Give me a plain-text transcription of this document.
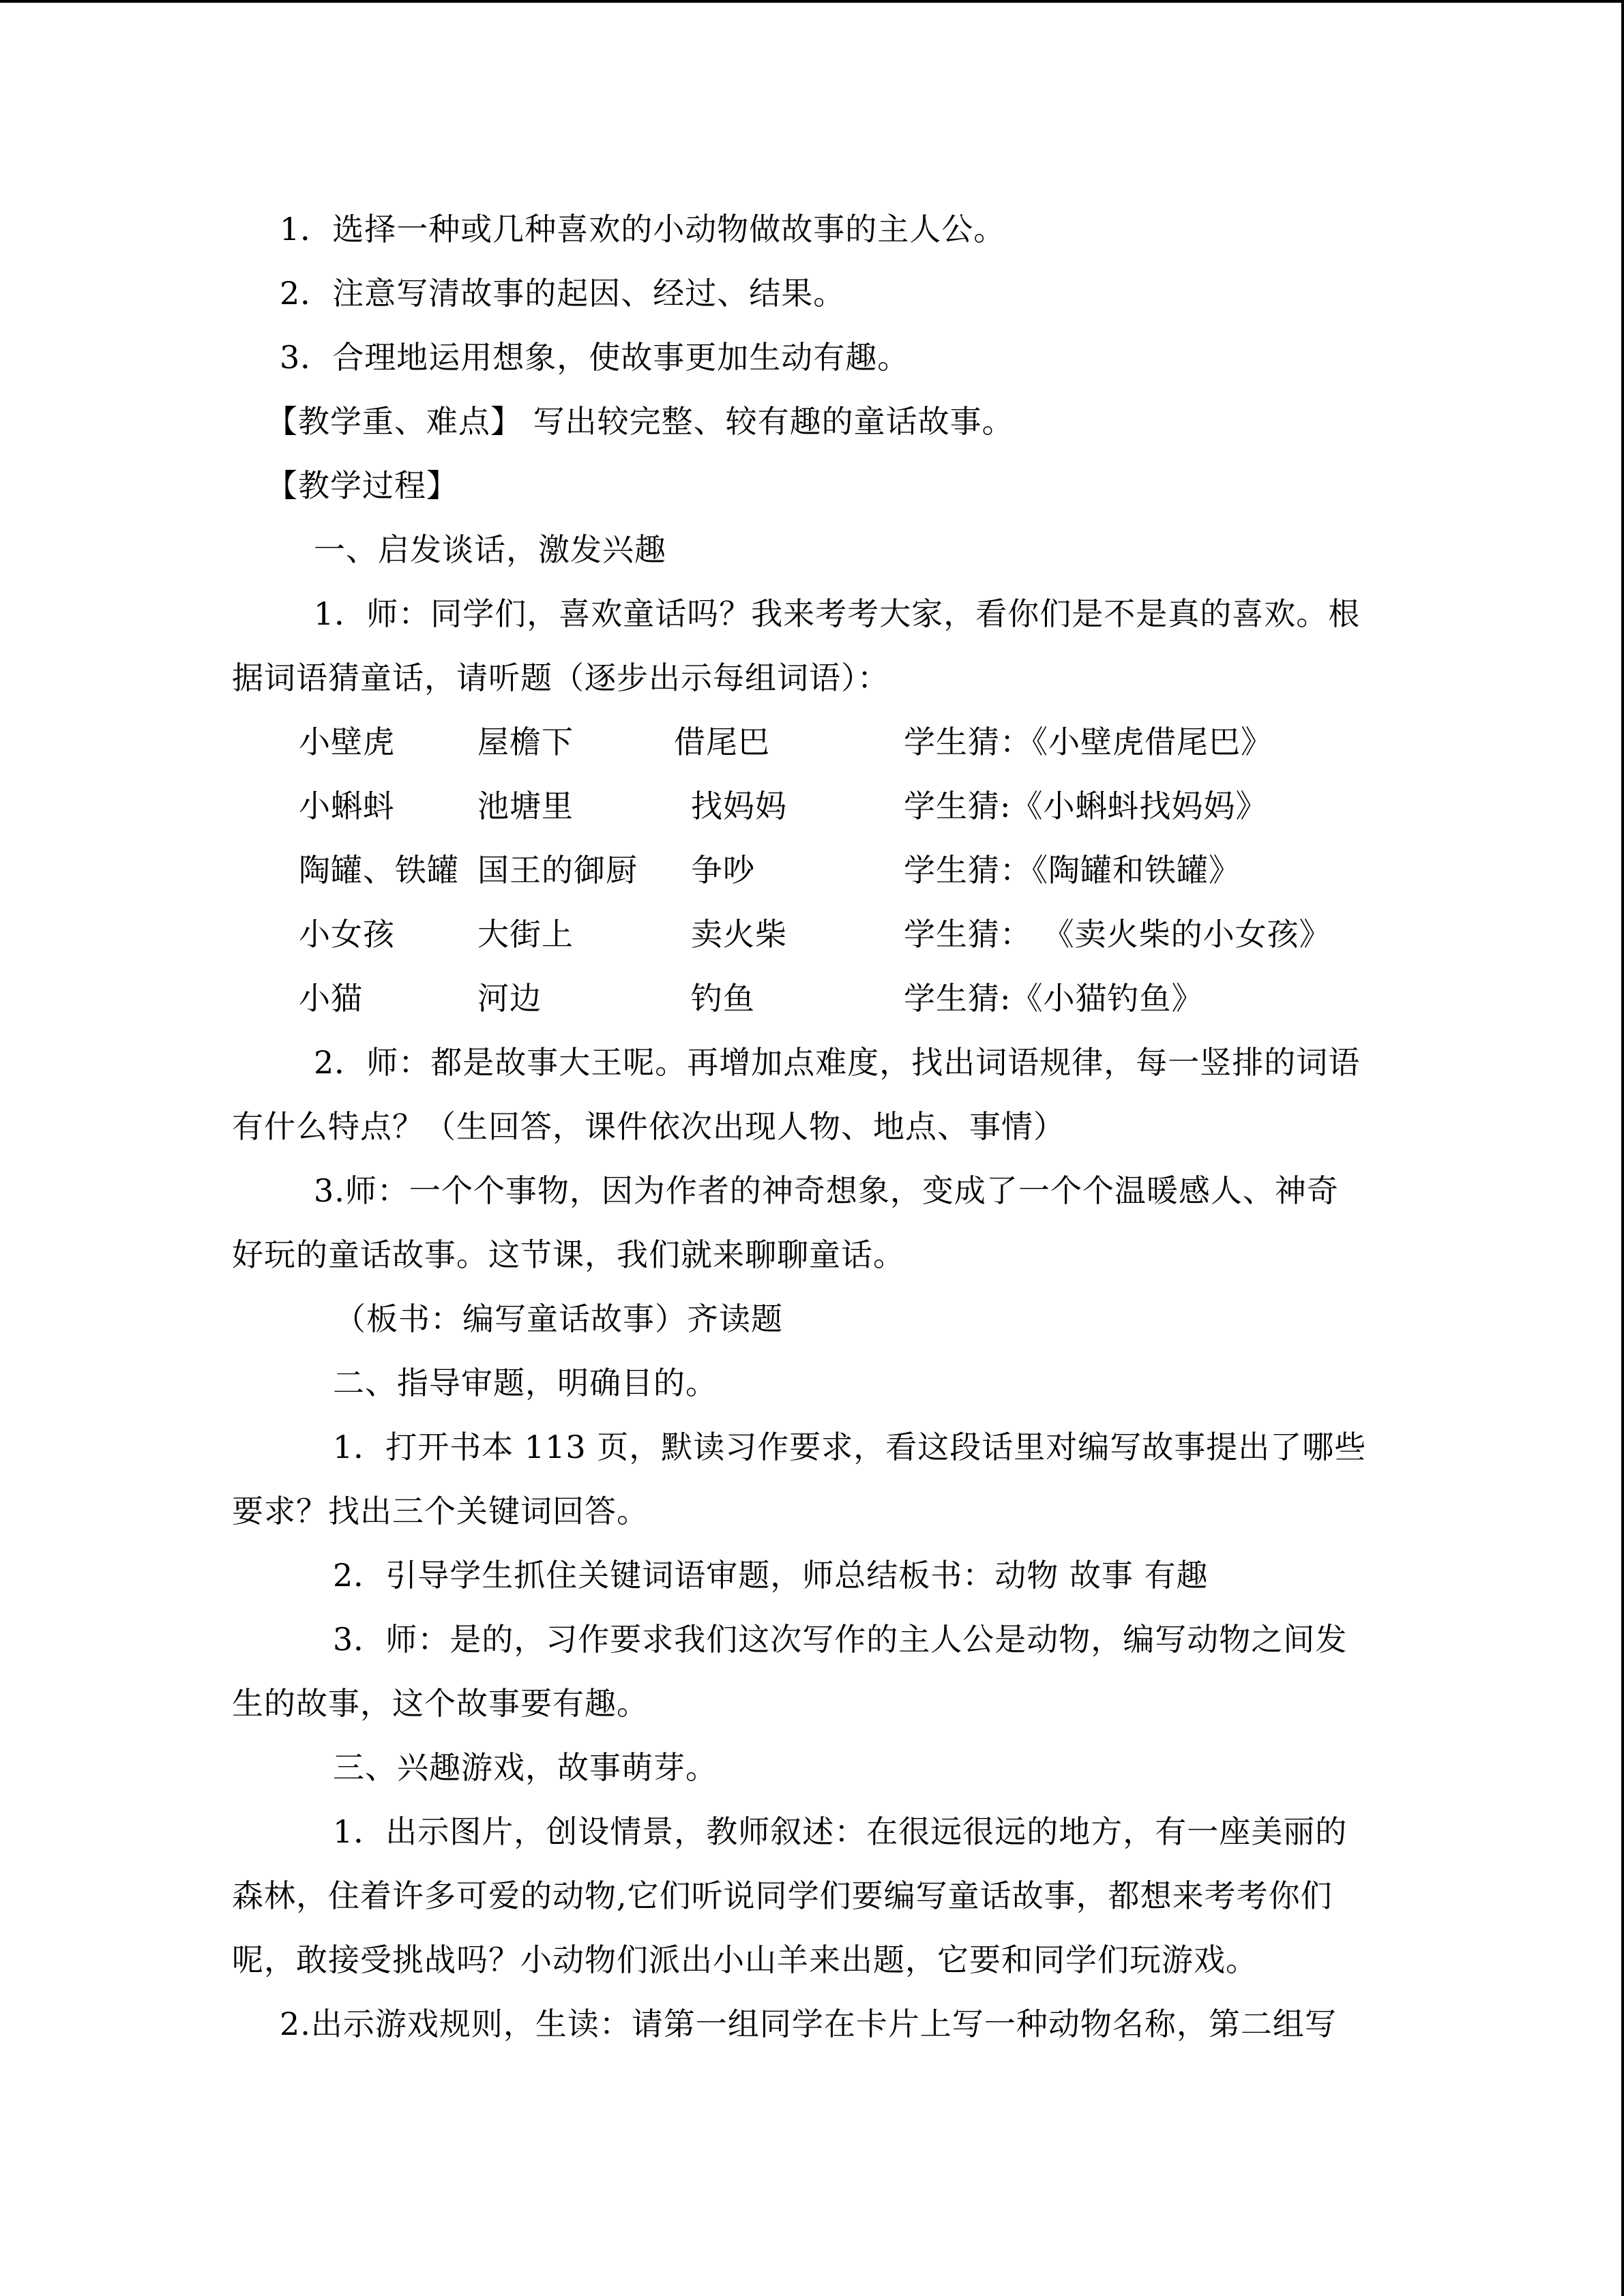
1．选择一种或几种喜欢的小动物做故事的主人公。
2．注意写清故事的起因、经过、结果。
3．合理地运用想象，使故事更加生动有趣。
【教学重、难点】 写出较完整、较有趣的童话故事。
【教学过程】
一、启发谈话，激发兴趣
1．师：同学们，喜欢童话吗？我来考考大家，看你们是不是真的喜欢。根
据词语猜童话，请听题（逐步出示每组词语）：
小壁虎	屋檐下	借尾巴	学生猜：《小壁虎借尾巴》
小蝌蚪	池塘里	找妈妈	学生猜:《小蝌蚪找妈妈》
陶罐、铁罐 国王的御厨 争吵	学生猜：《陶罐和铁罐》
小女孩	大街上	卖火柴	学生猜： 《卖火柴的小女孩》
小猫	河边	钓鱼	学生猜:《小猫钓鱼》
2．师：都是故事大王呢。再增加点难度，找出词语规律，每一竖排的词语
有什么特点？（生回答，课件依次出现人物、地点、事情）
3.师：一个个事物，因为作者的神奇想象，变成了一个个温暖感人、神奇
好玩的童话故事。这节课，我们就来聊聊童话。
（板书：编写童话故事）齐读题
二、指导审题，明确目的。
1．打开书本 113 页，默读习作要求，看这段话里对编写故事提出了哪些
要求？找出三个关键词回答。
2．引导学生抓住关键词语审题，师总结板书：动物 故事 有趣
3．师：是的，习作要求我们这次写作的主人公是动物，编写动物之间发
生的故事，这个故事要有趣。
三、兴趣游戏，故事萌芽。
1．出示图片，创设情景，教师叙述：在很远很远的地方，有一座美丽的
森林，住着许多可爱的动物,它们听说同学们要编写童话故事，都想来考考你们
呢，敢接受挑战吗？小动物们派出小山羊来出题，它要和同学们玩游戏。
2.出示游戏规则，生读：请第一组同学在卡片上写一种动物名称，第二组写
